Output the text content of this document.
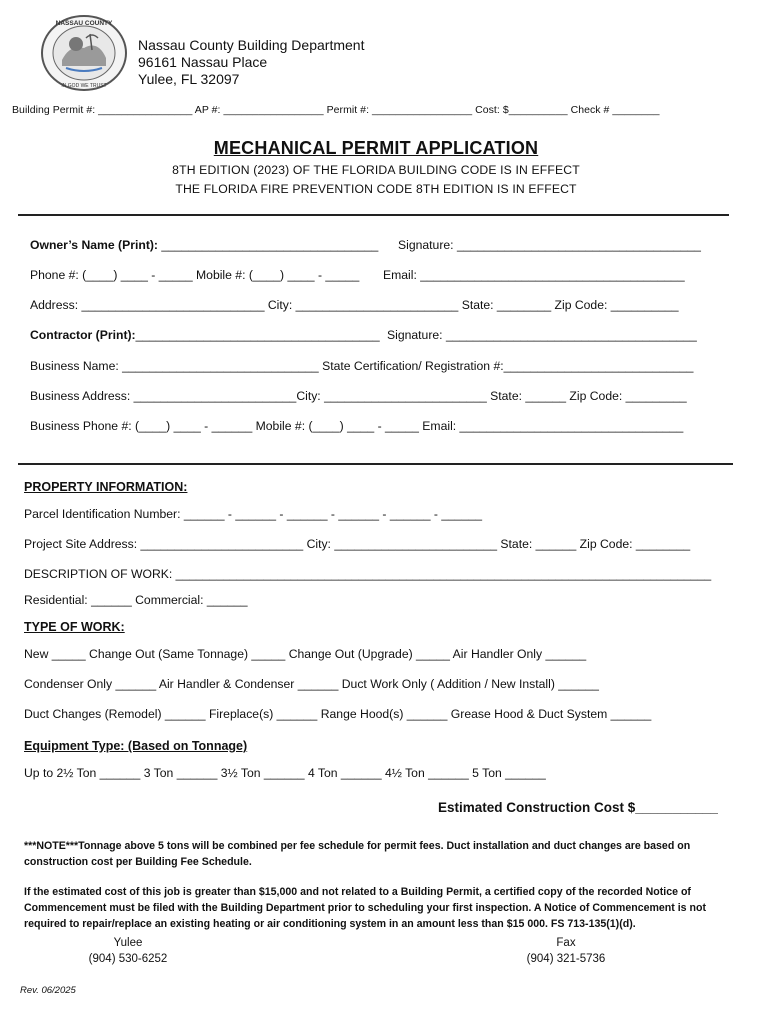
NASSAU COUNTY
IN GOD WE TRUST
Nassau County Building Department
96161 Nassau Place
Yulee, FL 32097
Building Permit #: ________________ AP #: _________________ Permit #: _________________ Cost: $__________ Check # ________
MECHANICAL PERMIT APPLICATION
8TH EDITION (2023) OF THE FLORIDA BUILDING CODE IS IN EFFECT
THE FLORIDA FIRE PREVENTION CODE 8TH EDITION IS IN EFFECT
Owner’s Name (Print): ________________________________ Signature: ____________________________________
Phone #: (____) ____ - _____ Mobile #: (____) ____ - _____ Email: _______________________________________
Address: ___________________________ City: ________________________ State: ________ Zip Code: __________
Contractor (Print):____________________________________ Signature: _____________________________________
Business Name: _____________________________ State Certification/ Registration #:____________________________
Business Address: ________________________City: ________________________ State: ______ Zip Code: _________
Business Phone #: (____) ____ - ______ Mobile #: (____) ____ - _____ Email: _________________________________
PROPERTY INFORMATION:
Parcel Identification Number: ______ - ______ - ______ - ______ - ______ - ______
Project Site Address: ________________________ City: ________________________ State: ______ Zip Code: ________
DESCRIPTION OF WORK: _______________________________________________________________________________
Residential: ______ Commercial: ______
TYPE OF WORK:
New _____ Change Out (Same Tonnage) _____ Change Out (Upgrade) _____ Air Handler Only ______
Condenser Only ______ Air Handler & Condenser ______ Duct Work Only ( Addition / New Install) ______
Duct Changes (Remodel) ______ Fireplace(s) ______ Range Hood(s) ______ Grease Hood & Duct System ______
Equipment Type: (Based on Tonnage)
Up to 2½ Ton ______ 3 Ton ______ 3½ Ton ______ 4 Ton ______ 4½ Ton ______ 5 Ton ______
Estimated Construction Cost $___________
***NOTE***Tonnage above 5 tons will be combined per fee schedule for permit fees. Duct installation and duct changes are based on construction cost per Building Fee Schedule.
If the estimated cost of this job is greater than $15,000 and not related to a Building Permit, a certified copy of the recorded Notice of Commencement must be filed with the Building Department prior to scheduling your first inspection. A Notice of Commencement is not required to repair/replace an existing heating or air conditioning system in an amount less than $15 000. FS 713-135(1)(d).
Yulee
(904) 530-6252
Fax
(904) 321-5736
Rev. 06/2025
